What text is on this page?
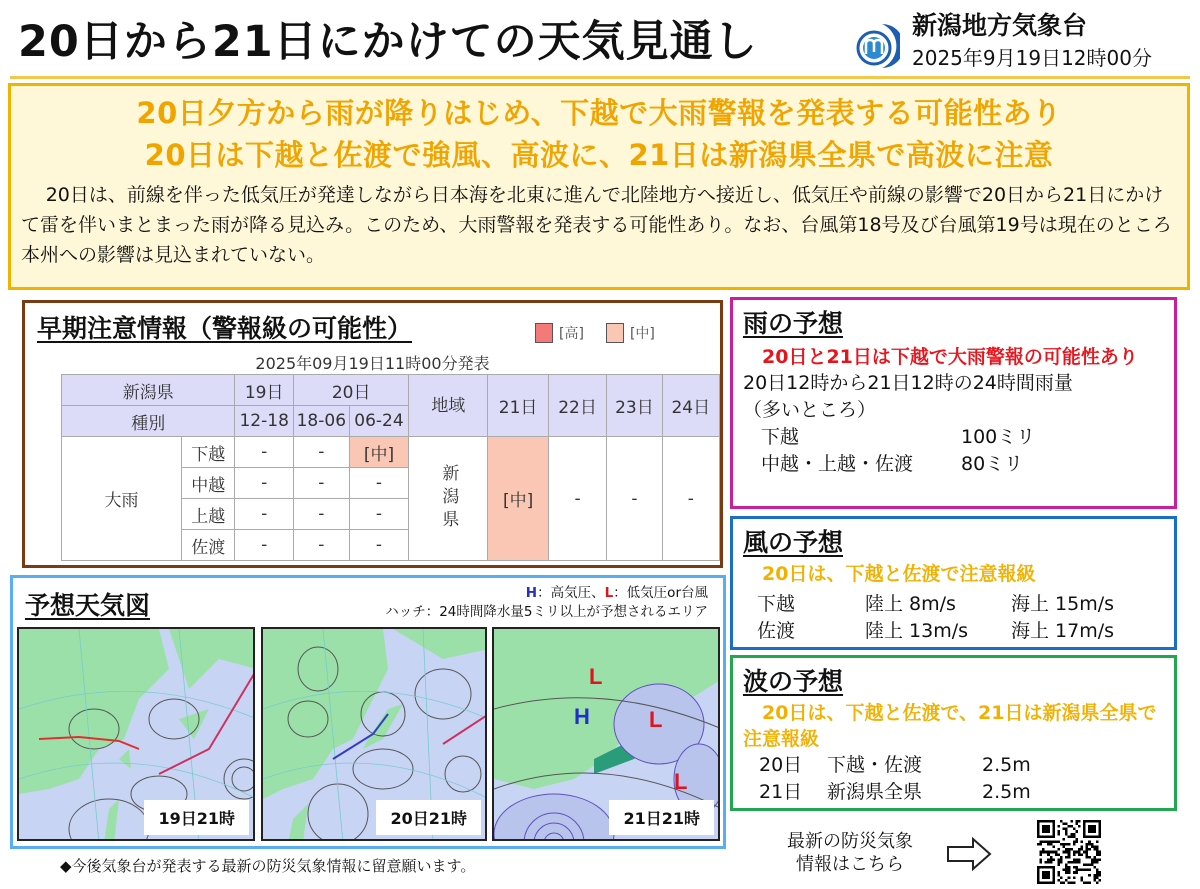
20日から21日にかけての天気見通し	新潟地方気象台
2025年9月19日12時00分
20日夕方から雨が降りはじめ、下越で大雨警報を発表する可能性あり
20日は下越と佐渡で強風、高波に、21日は新潟県全県で高波に注意
20日は、前線を伴った低気圧が発達しながら日本海を北東に進んで北陸地方へ接近し、低気圧や前線の影響で20日から21日にかけて雷を伴いまとまった雨が降る見込み。このため、大雨警報を発表する可能性あり。なお、台風第18号及び台風第19号は現在のところ本州への影響は見込まれていない。
早期注意情報（警報級の可能性）	[高]	[中]
2025年09月19日11時00分発表
新潟県		19日	20日		地域	21日	22日	23日	24日
種別		12-18	18-06	06-24					
大雨	下越	-	-	[中]	新潟県	[中]	-	-	-
	中越	-	-	-					
	上越	-	-	-					
	佐渡	-	-	-					
予想天気図	H：高気圧、L：低気圧or台風
ハッチ：24時間降水量5ミリ以上が予想されるエリア
19日21時	20日21時
L
H	L
L
21日21時
◆今後気象台が発表する最新の防災気象情報に留意願います。
雨の予想
20日と21日は下越で大雨警報の可能性あり
20日12時から21日12時の24時間雨量
（多いところ）
下越	100ミリ
中越・上越・佐渡	80ミリ
風の予想
20日は、下越と佐渡で注意報級
下越	陸上 8m/s	海上 15m/s
佐渡	陸上 13m/s	海上 17m/s
波の予想
20日は、下越と佐渡で、21日は新潟県全県で注意報級
20日	下越・佐渡	2.5m
21日	新潟県全県	2.5m
最新の防災気象
情報はこちら
